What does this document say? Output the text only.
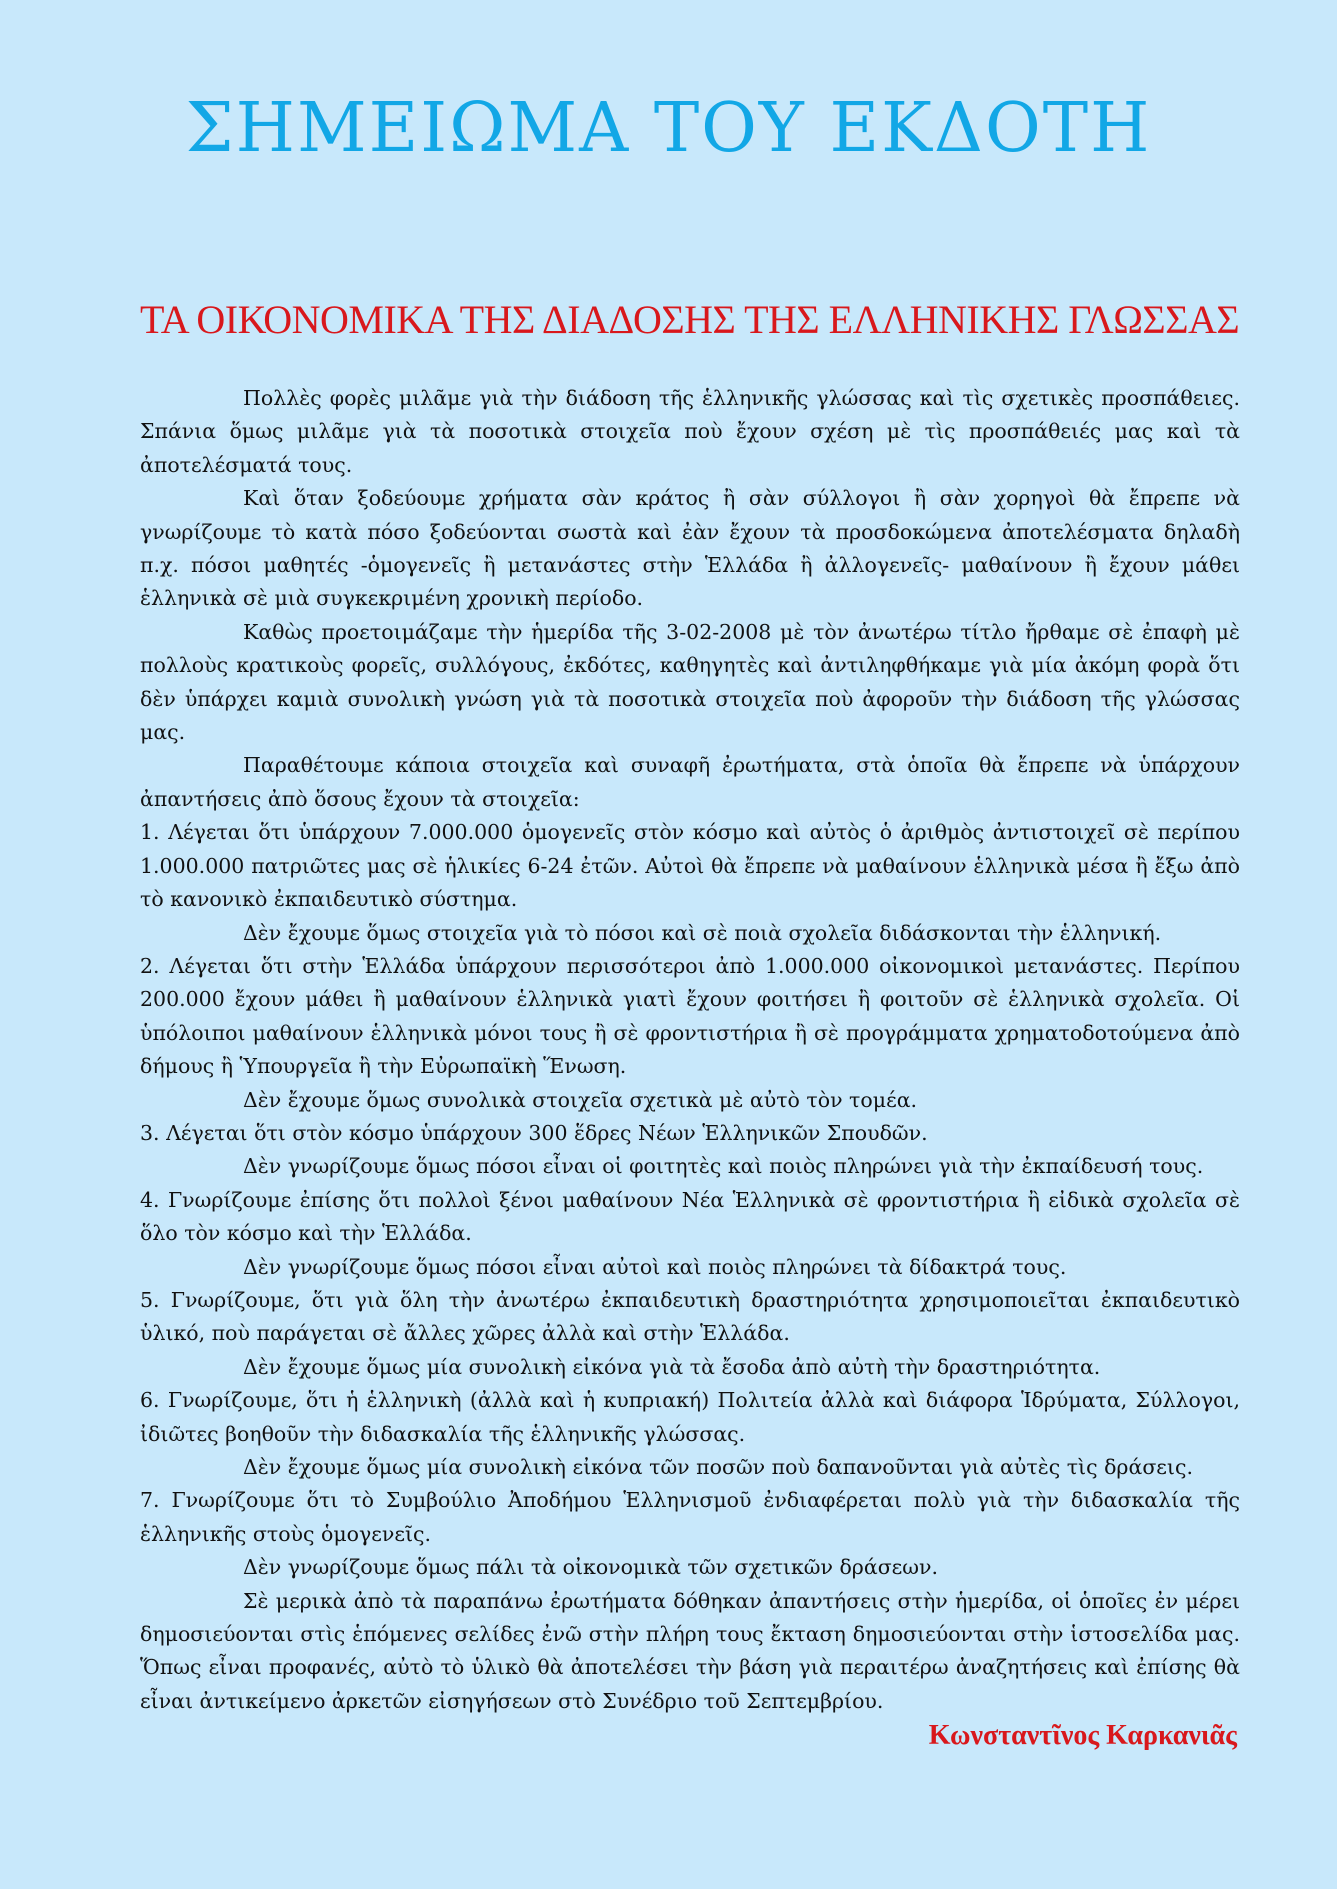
ΣΗΜΕΙΩΜΑ ΤΟΥ ΕΚΔΟΤΗ
ΤΑ ΟΙΚΟΝΟΜΙΚΑ ΤΗΣ ΔΙΑΔΟΣΗΣ ΤΗΣ ΕΛΛΗΝΙΚΗΣ ΓΛΩΣΣΑΣ

Πολλὲς φορὲς μιλᾶμε γιὰ τὴν διάδοση τῆς ἑλληνικῆς γλώσσας καὶ τὶς σχετικὲς προσπάθειες. Σπάνια ὅμως μιλᾶμε γιὰ τὰ ποσοτικὰ στοιχεῖα ποὺ ἔχουν σχέση μὲ τὶς προσπάθειές μας καὶ τὰ ἀποτελέσματά τους.

Καὶ ὅταν ξοδεύουμε χρήματα σὰν κράτος ἢ σὰν σύλλογοι ἢ σὰν χορηγοὶ θὰ ἔπρεπε νὰ γνωρίζουμε τὸ κατὰ πόσο ξοδεύονται σωστὰ καὶ ἐὰν ἔχουν τὰ προσδοκώμενα ἀποτελέσματα δηλαδὴ π.χ. πόσοι μαθητές -ὁμογενεῖς ἢ μετανάστες στὴν Ἑλλάδα ἢ ἀλλογενεῖς- μαθαίνουν ἢ ἔχουν μάθει ἑλληνικὰ σὲ μιὰ συγκεκριμένη χρονικὴ περίοδο.

Καθὼς προετοιμάζαμε τὴν ἡμερίδα τῆς 3-02-2008 μὲ τὸν ἀνωτέρω τίτλο ἤρθαμε σὲ ἐπαφὴ μὲ πολλοὺς κρατικοὺς φορεῖς, συλλόγους, ἐκδότες, καθηγητὲς καὶ ἀντιληφθήκαμε γιὰ μία ἀκόμη φορὰ ὅτι δὲν ὑπάρχει καμιὰ συνολικὴ γνώση γιὰ τὰ ποσοτικὰ στοιχεῖα ποὺ ἀφοροῦν τὴν διάδοση τῆς γλώσσας μας.

Παραθέτουμε κάποια στοιχεῖα καὶ συναφῆ ἐρωτήματα, στὰ ὁποῖα θὰ ἔπρεπε νὰ ὑπάρχουν ἀπαντήσεις ἀπὸ ὅσους ἔχουν τὰ στοιχεῖα:

1. Λέγεται ὅτι ὑπάρχουν 7.000.000 ὁμογενεῖς στὸν κόσμο καὶ αὐτὸς ὁ ἀριθμὸς ἀντιστοιχεῖ σὲ περίπου 1.000.000 πατριῶτες μας σὲ ἡλικίες 6-24 ἐτῶν. Αὐτοὶ θὰ ἔπρεπε νὰ μαθαίνουν ἑλληνικὰ μέσα ἢ ἔξω ἀπὸ τὸ κανονικὸ ἐκπαιδευτικὸ σύστημα.

Δὲν ἔχουμε ὅμως στοιχεῖα γιὰ τὸ πόσοι καὶ σὲ ποιὰ σχολεῖα διδάσκονται τὴν ἑλληνική.

2. Λέγεται ὅτι στὴν Ἑλλάδα ὑπάρχουν περισσότεροι ἀπὸ 1.000.000 οἰκονομικοὶ μετανάστες. Περίπου 200.000 ἔχουν μάθει ἢ μαθαίνουν ἑλληνικὰ γιατὶ ἔχουν φοιτήσει ἢ φοιτοῦν σὲ ἑλληνικὰ σχολεῖα. Οἱ ὑπόλοιποι μαθαίνουν ἑλληνικὰ μόνοι τους ἢ σὲ φροντιστήρια ἢ σὲ προγράμματα χρηματοδοτούμενα ἀπὸ δήμους ἢ Ὑπουργεῖα ἢ τὴν Εὐρωπαϊκὴ Ἕνωση.

Δὲν ἔχουμε ὅμως συνολικὰ στοιχεῖα σχετικὰ μὲ αὐτὸ τὸν τομέα.

3. Λέγεται ὅτι στὸν κόσμο ὑπάρχουν 300 ἕδρες Νέων Ἑλληνικῶν Σπουδῶν.

Δὲν γνωρίζουμε ὅμως πόσοι εἶναι οἱ φοιτητὲς καὶ ποιὸς πληρώνει γιὰ τὴν ἐκπαίδευσή τους.

4. Γνωρίζουμε ἐπίσης ὅτι πολλοὶ ξένοι μαθαίνουν Νέα Ἑλληνικὰ σὲ φροντιστήρια ἢ εἰδικὰ σχολεῖα σὲ ὅλο τὸν κόσμο καὶ τὴν Ἑλλάδα.

Δὲν γνωρίζουμε ὅμως πόσοι εἶναι αὐτοὶ καὶ ποιὸς πληρώνει τὰ δίδακτρά τους.

5. Γνωρίζουμε, ὅτι γιὰ ὅλη τὴν ἀνωτέρω ἐκπαιδευτικὴ δραστηριότητα χρησιμοποιεῖται ἐκπαιδευτικὸ ὑλικό, ποὺ παράγεται σὲ ἄλλες χῶρες ἀλλὰ καὶ στὴν Ἑλλάδα.

Δὲν ἔχουμε ὅμως μία συνολικὴ εἰκόνα γιὰ τὰ ἔσοδα ἀπὸ αὐτὴ τὴν δραστηριότητα.

6. Γνωρίζουμε, ὅτι ἡ ἑλληνικὴ (ἀλλὰ καὶ ἡ κυπριακή) Πολιτεία ἀλλὰ καὶ διάφορα Ἱδρύματα, Σύλλογοι, ἰδιῶτες βοηθοῦν τὴν διδασκαλία τῆς ἑλληνικῆς γλώσσας.

Δὲν ἔχουμε ὅμως μία συνολικὴ εἰκόνα τῶν ποσῶν ποὺ δαπανοῦνται γιὰ αὐτὲς τὶς δράσεις.

7. Γνωρίζουμε ὅτι τὸ Συμβούλιο Ἀποδήμου Ἑλληνισμοῦ ἐνδιαφέρεται πολὺ γιὰ τὴν διδασκαλία τῆς ἑλληνικῆς στοὺς ὁμογενεῖς.

Δὲν γνωρίζουμε ὅμως πάλι τὰ οἰκονομικὰ τῶν σχετικῶν δράσεων.

Σὲ μερικὰ ἀπὸ τὰ παραπάνω ἐρωτήματα δόθηκαν ἀπαντήσεις στὴν ἡμερίδα, οἱ ὁποῖες ἐν μέρει δημοσιεύονται στὶς ἑπόμενες σελίδες ἐνῶ στὴν πλήρη τους ἔκταση δημοσιεύονται στὴν ἱστοσελίδα μας. Ὅπως εἶναι προφανές, αὐτὸ τὸ ὑλικὸ θὰ ἀποτελέσει τὴν βάση γιὰ περαιτέρω ἀναζητήσεις καὶ ἐπίσης θὰ εἶναι ἀντικείμενο ἀρκετῶν εἰσηγήσεων στὸ Συνέδριο τοῦ Σεπτεμβρίου.

Κωνσταντῖνος Καρκανιᾶς
